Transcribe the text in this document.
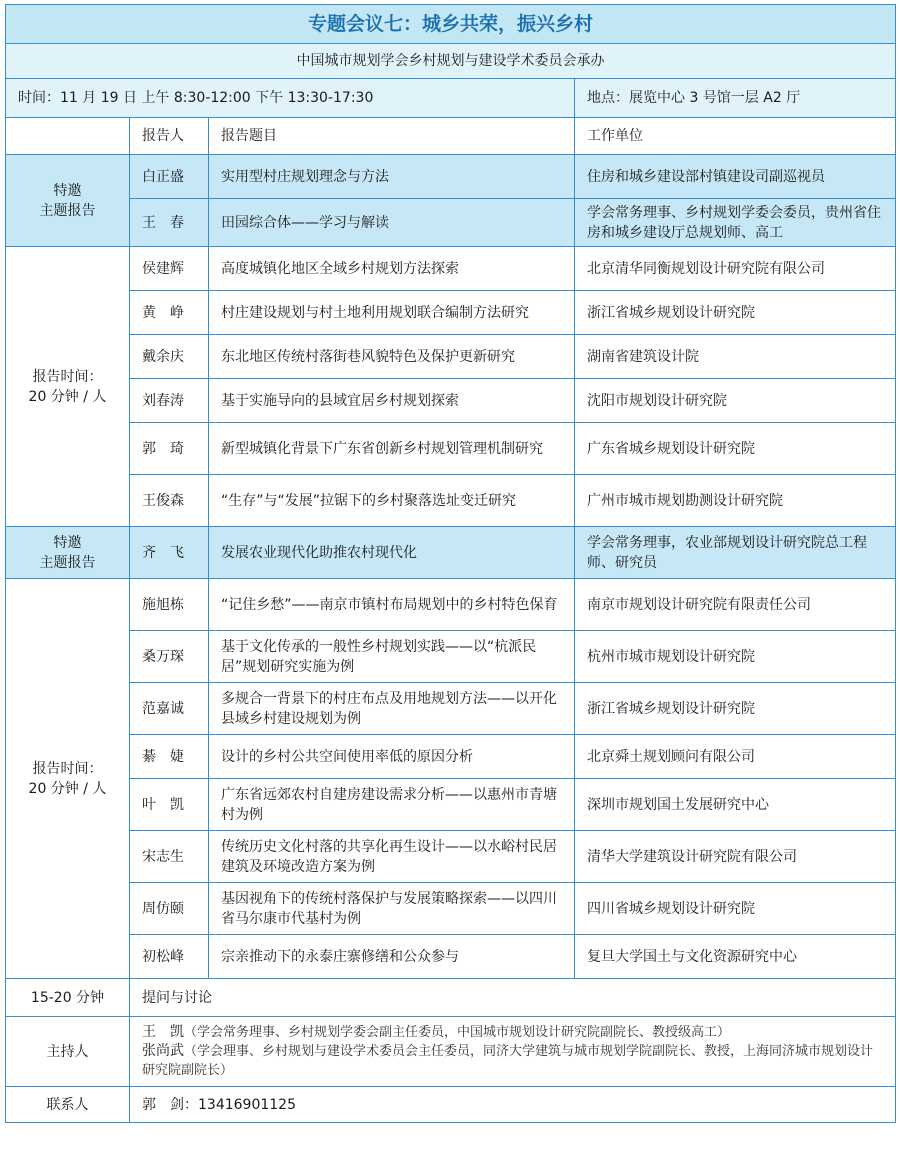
专题会议七：城乡共荣，振兴乡村			
中国城市规划学会乡村规划与建设学术委员会承办			
时间：11 月 19 日 上午 8:30-12:00 下午 13:30-17:30			地点：展览中心 3 号馆一层 A2 厅
	报告人	报告题目	工作单位

特邀
主题报告	白正盛	实用型村庄规划理念与方法	住房和城乡建设部村镇建设司副巡视员
	王　春	田园综合体——学习与解读	学会常务理事、乡村规划学委会委员，贵州省住房和城乡建设厅总规划师、高工

报告时间：
20 分钟 / 人	侯建辉	高度城镇化地区全域乡村规划方法探索	北京清华同衡规划设计研究院有限公司
	黄　峥	村庄建设规划与村土地利用规划联合编制方法研究	浙江省城乡规划设计研究院
	戴余庆	东北地区传统村落街巷风貌特色及保护更新研究	湖南省建筑设计院
	刘春涛	基于实施导向的县域宜居乡村规划探索	沈阳市规划设计研究院
	郭　琦	新型城镇化背景下广东省创新乡村规划管理机制研究	广东省城乡规划设计研究院
	王俊森	“生存”与“发展”拉锯下的乡村聚落选址变迁研究	广州市城市规划勘测设计研究院

特邀
主题报告	齐　飞	发展农业现代化助推农村现代化	学会常务理事，农业部规划设计研究院总工程师、研究员

报告时间：
20 分钟 / 人	施旭栋	“记住乡愁”——南京市镇村布局规划中的乡村特色保育	南京市规划设计研究院有限责任公司
	桑万琛	基于文化传承的一般性乡村规划实践——以“杭派民居”规划研究实施为例	杭州市城市规划设计研究院
	范嘉诚	多规合一背景下的村庄布点及用地规划方法——以开化县域乡村建设规划为例	浙江省城乡规划设计研究院
	綦　婕	设计的乡村公共空间使用率低的原因分析	北京舜土规划顾问有限公司
	叶　凯	广东省远郊农村自建房建设需求分析——以惠州市青塘村为例	深圳市规划国土发展研究中心
	宋志生	传统历史文化村落的共享化再生设计——以水峪村民居建筑及环境改造方案为例	清华大学建筑设计研究院有限公司
	周仿颐	基因视角下的传统村落保护与发展策略探索——以四川省马尔康市代基村为例	四川省城乡规划设计研究院
	初松峰	宗亲推动下的永泰庄寨修缮和公众参与	复旦大学国土与文化资源研究中心
15-20 分钟	提问与讨论		
主持人	王　凯（学会常务理事、乡村规划学委会副主任委员，中国城市规划设计研究院副院长、教授级高工）
张尚武（学会理事、乡村规划与建设学术委员会主任委员，同济大学建筑与城市规划学院副院长、教授，上海同济城市规划设计研究院副院长）		

联系人	郭　剑：13416901125		
